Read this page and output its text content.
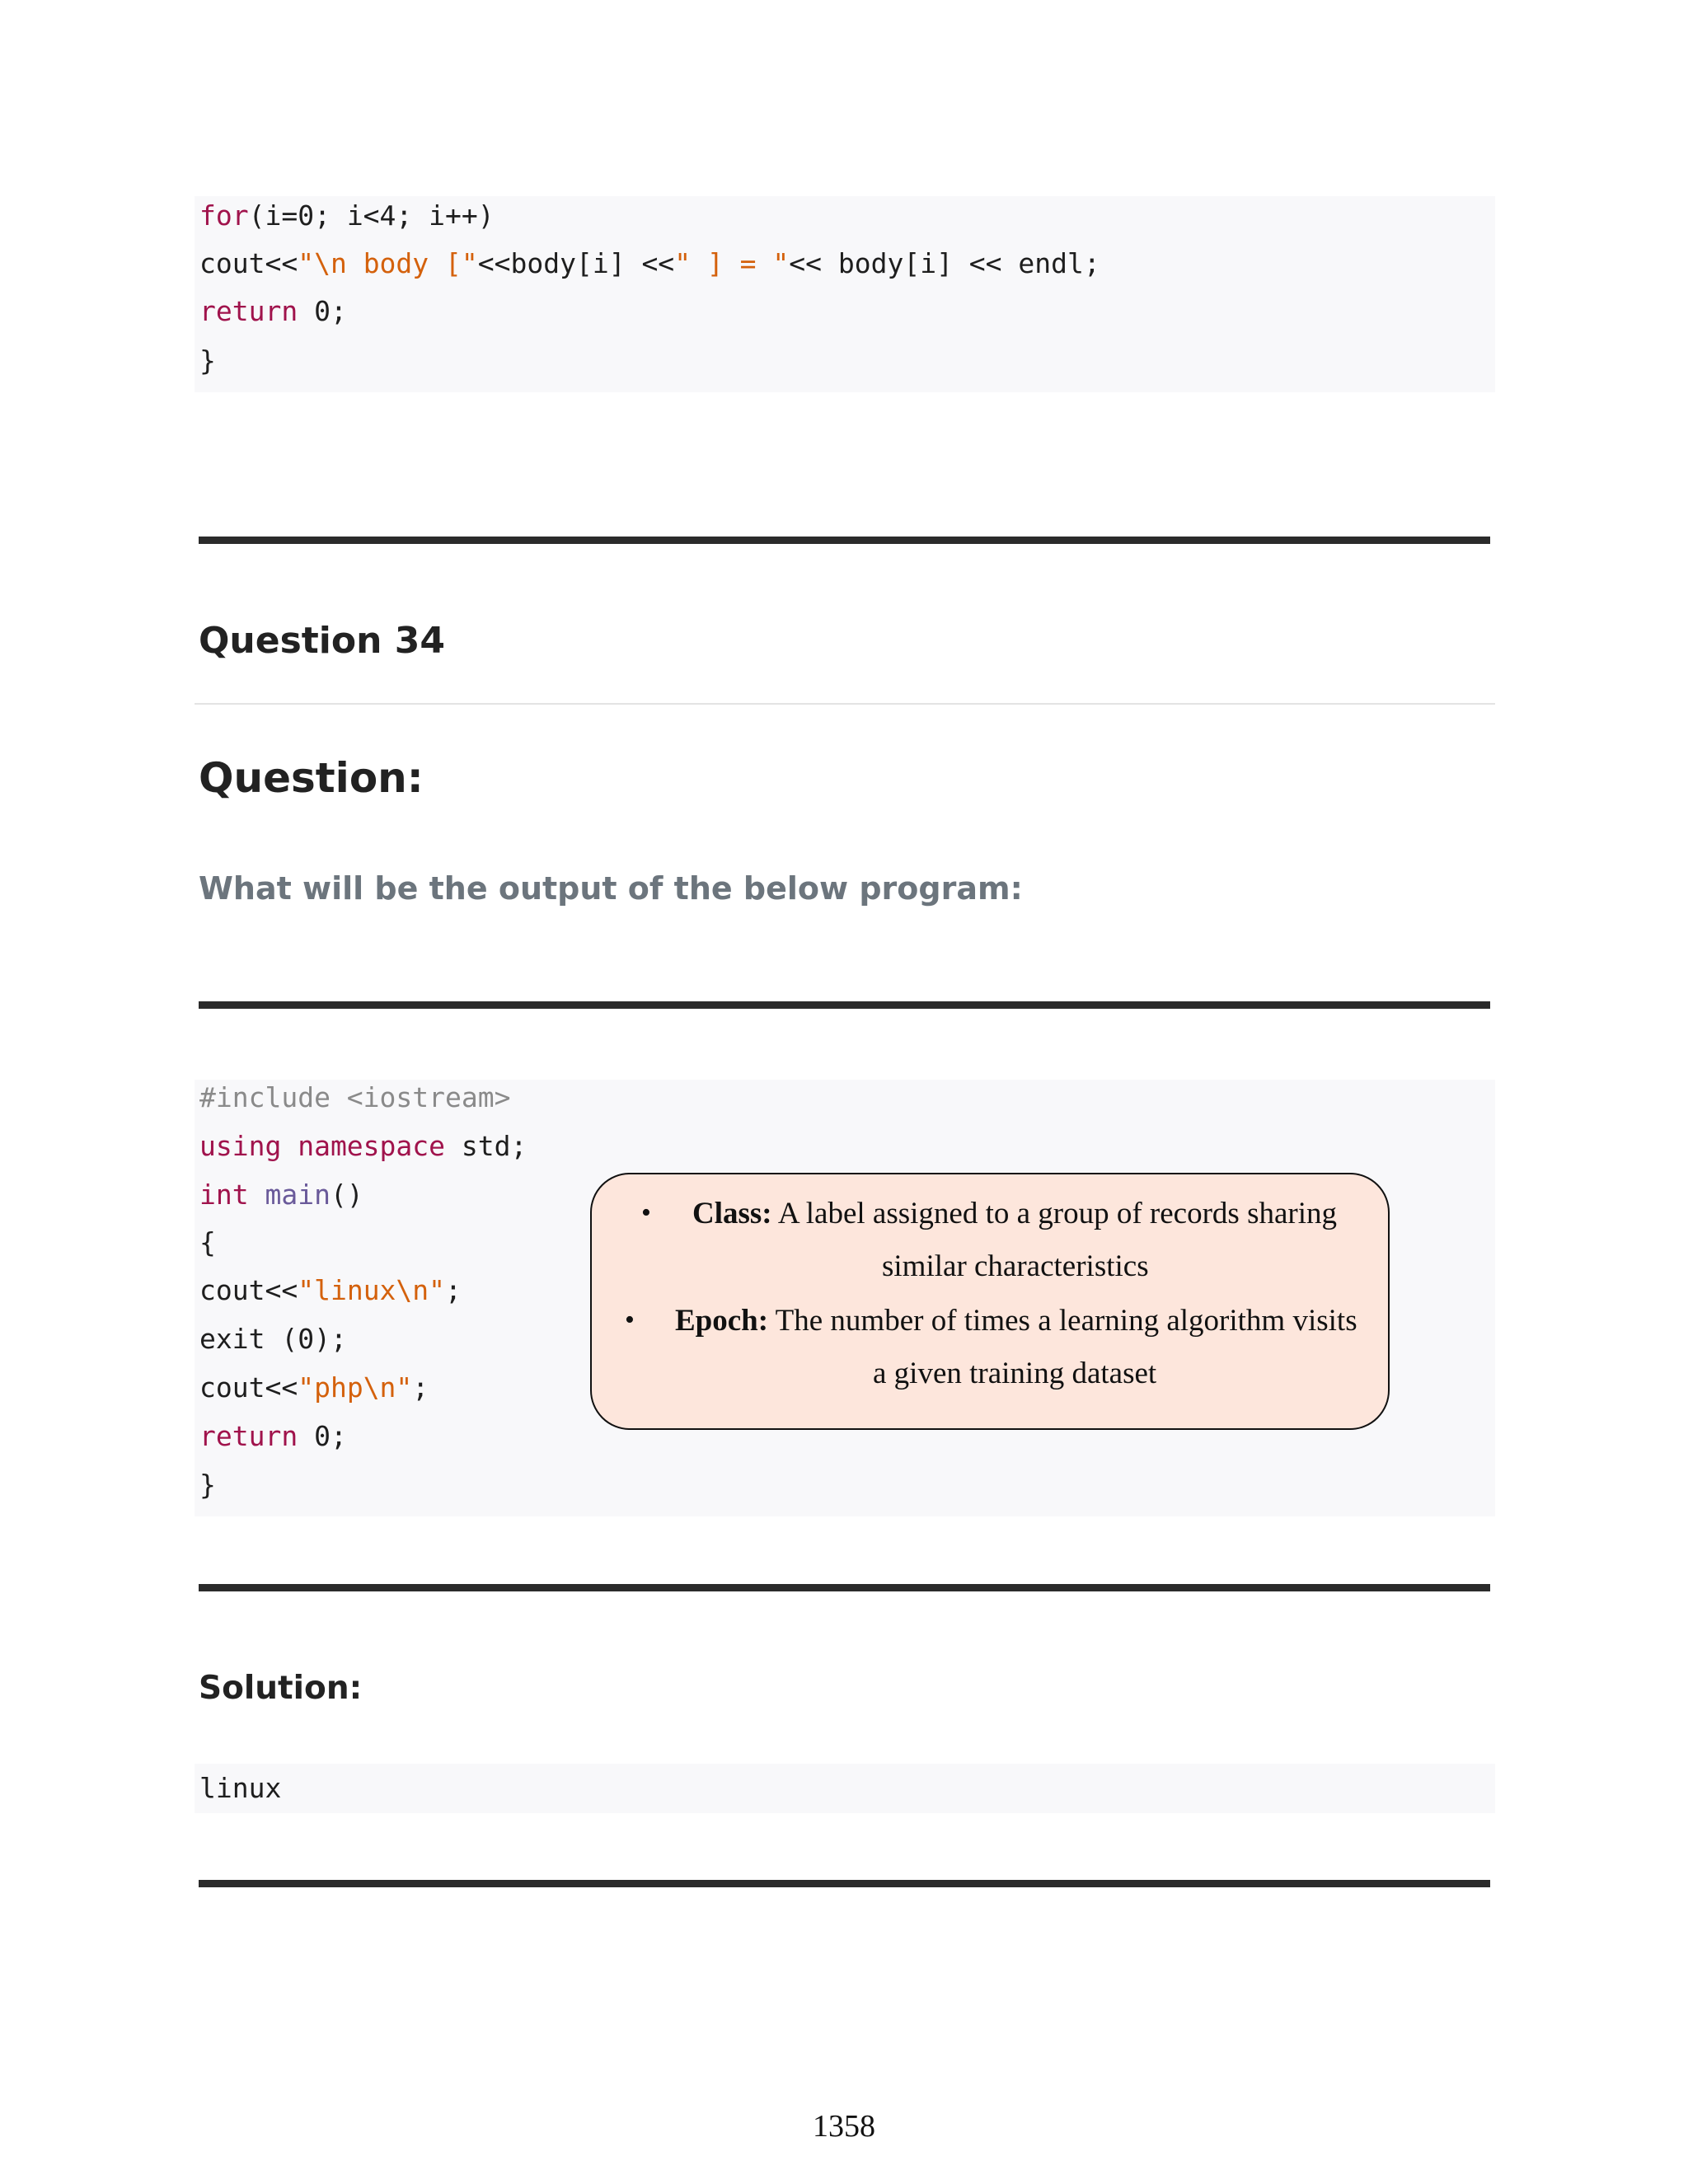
for(i=0; i<4; i++)
cout<<"\n body ["<<body[i] <<" ] = "<< body[i] << endl;
return 0;
}
Question 34
Question:
What will be the output of the below program:
#include <iostream>
using namespace std;
int main()
{
cout<<"linux\n";
exit (0);
cout<<"php\n";
return 0;
}
• Class: A label assigned to a group of records sharing
similar characteristics
• Epoch: The number of times a learning algorithm visits
a given training dataset
Solution:
linux
1358
